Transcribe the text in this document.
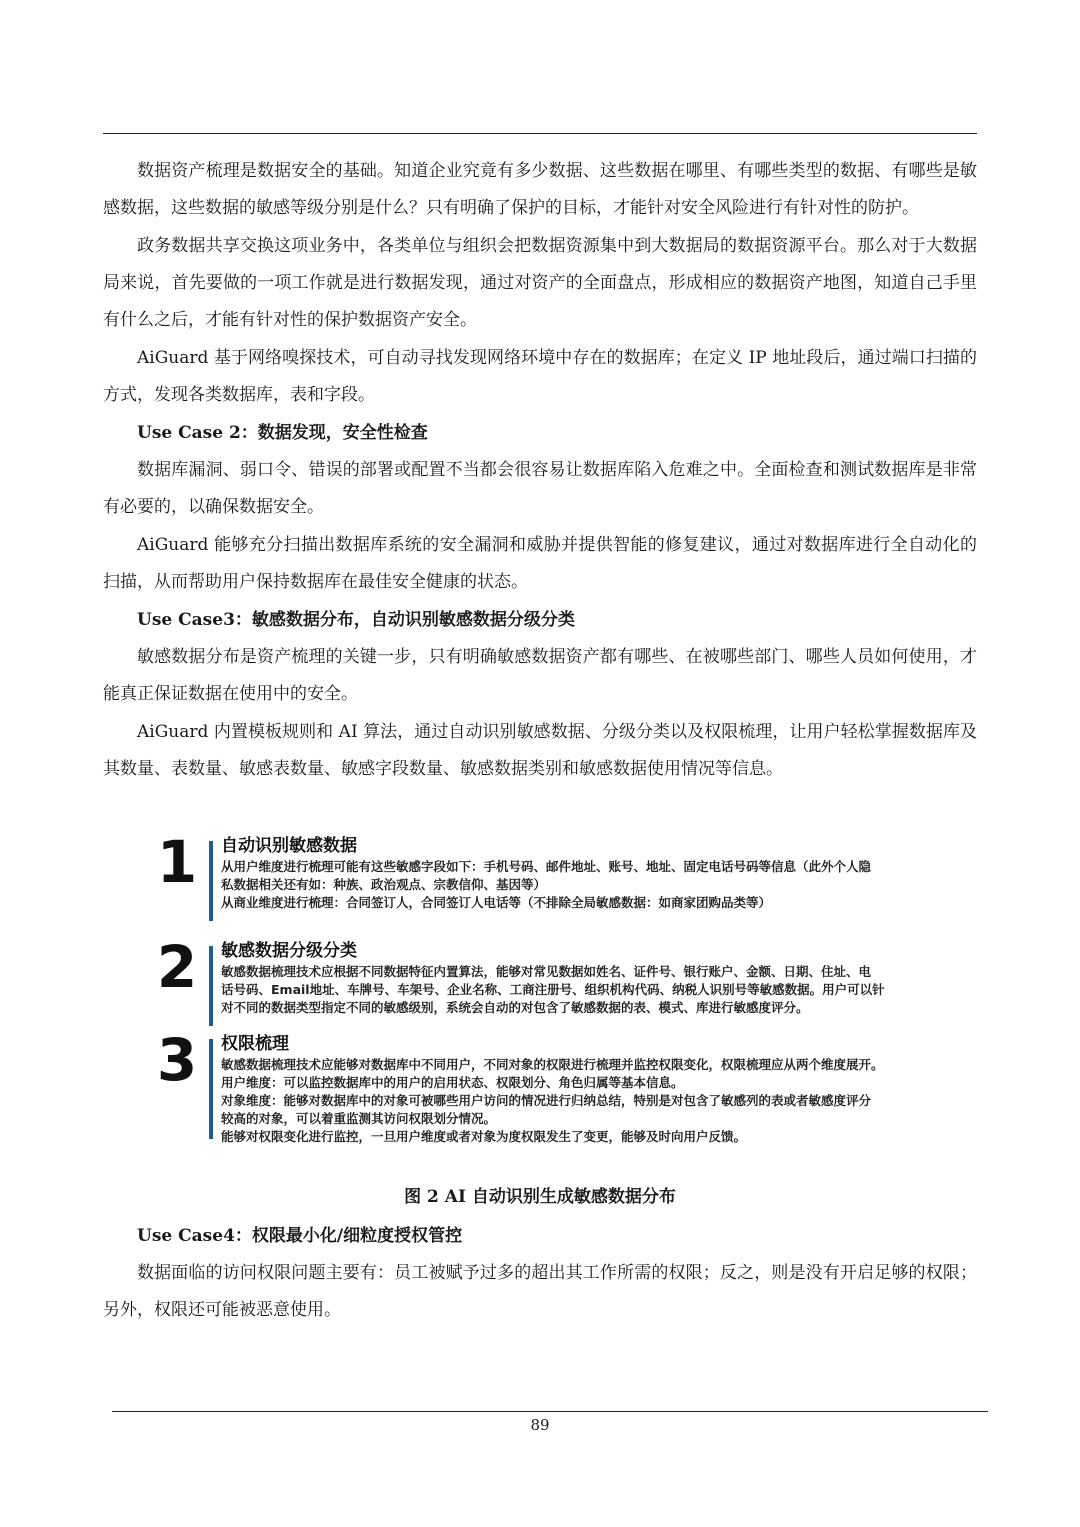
数据资产梳理是数据安全的基础。知道企业究竟有多少数据、这些数据在哪里、有哪些类型的数据、有哪些是敏感数据，这些数据的敏感等级分别是什么？只有明确了保护的目标，才能针对安全风险进行有针对性的防护。

政务数据共享交换这项业务中，各类单位与组织会把数据资源集中到大数据局的数据资源平台。那么对于大数据局来说，首先要做的一项工作就是进行数据发现，通过对资产的全面盘点，形成相应的数据资产地图，知道自己手里有什么之后，才能有针对性的保护数据资产安全。

AiGuard 基于网络嗅探技术，可自动寻找发现网络环境中存在的数据库；在定义 IP 地址段后，通过端口扫描的方式，发现各类数据库，表和字段。

Use Case 2：数据发现，安全性检查

数据库漏洞、弱口令、错误的部署或配置不当都会很容易让数据库陷入危难之中。全面检查和测试数据库是非常有必要的，以确保数据安全。

AiGuard 能够充分扫描出数据库系统的安全漏洞和威胁并提供智能的修复建议，通过对数据库进行全自动化的扫描，从而帮助用户保持数据库在最佳安全健康的状态。

Use Case3：敏感数据分布，自动识别敏感数据分级分类

敏感数据分布是资产梳理的关键一步，只有明确敏感数据资产都有哪些、在被哪些部门、哪些人员如何使用，才能真正保证数据在使用中的安全。

AiGuard 内置模板规则和 AI 算法，通过自动识别敏感数据、分级分类以及权限梳理，让用户轻松掌握数据库及其数量、表数量、敏感表数量、敏感字段数量、敏感数据类别和敏感数据使用情况等信息。

1 自动识别敏感数据
从用户维度进行梳理可能有这些敏感字段如下：手机号码、邮件地址、账号、地址、固定电话号码等信息（此外个人隐
私数据相关还有如：种族、政治观点、宗教信仰、基因等）
从商业维度进行梳理：合同签订人，合同签订人电话等（不排除全局敏感数据：如商家团购品类等）
2 敏感数据分级分类
敏感数据梳理技术应根据不同数据特征内置算法，能够对常见数据如姓名、证件号、银行账户、金额、日期、住址、电
话号码、Email地址、车牌号、车架号、企业名称、工商注册号、组织机构代码、纳税人识别号等敏感数据。用户可以针
对不同的数据类型指定不同的敏感级别，系统会自动的对包含了敏感数据的表、模式、库进行敏感度评分。
3 权限梳理
敏感数据梳理技术应能够对数据库中不同用户，不同对象的权限进行梳理并监控权限变化，权限梳理应从两个维度展开。
用户维度：可以监控数据库中的用户的启用状态、权限划分、角色归属等基本信息。
对象维度：能够对数据库中的对象可被哪些用户访问的情况进行归纳总结，特别是对包含了敏感列的表或者敏感度评分
较高的对象，可以着重监测其访问权限划分情况。
能够对权限变化进行监控，一旦用户维度或者对象为度权限发生了变更，能够及时向用户反馈。
图 2 AI 自动识别生成敏感数据分布

Use Case4：权限最小化/细粒度授权管控

数据面临的访问权限问题主要有：员工被赋予过多的超出其工作所需的权限；反之，则是没有开启足够的权限；另外，权限还可能被恶意使用。

89
